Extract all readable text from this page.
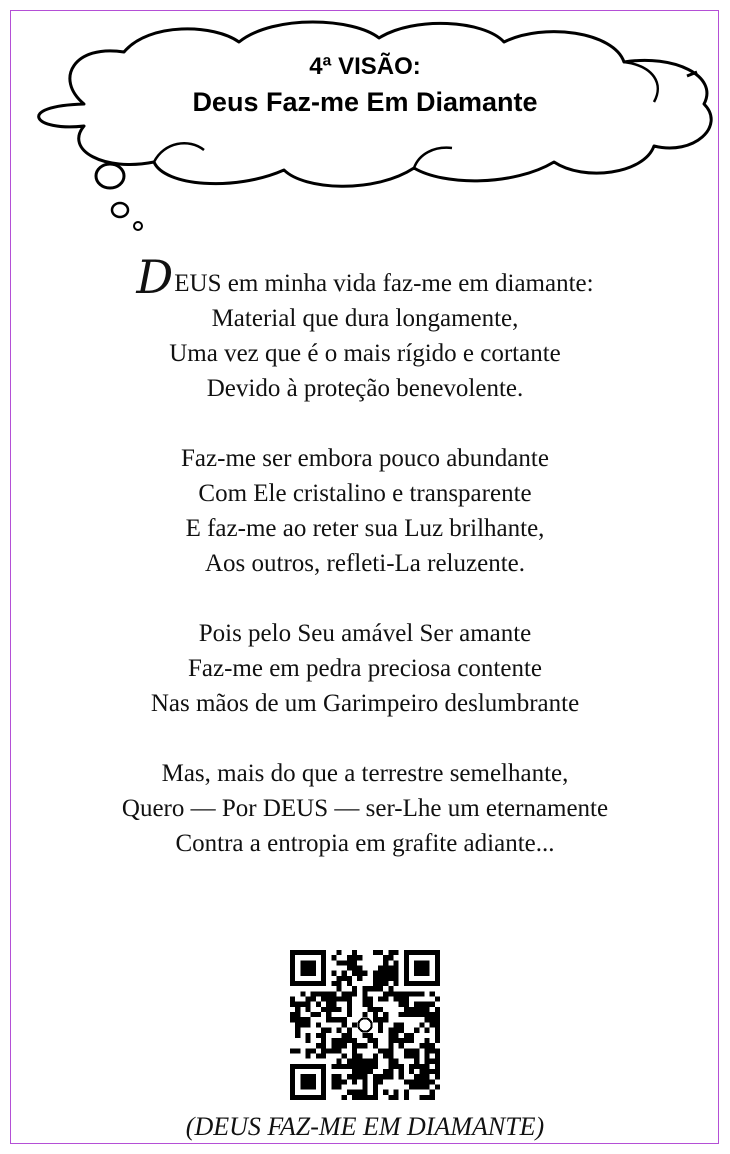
4ª VISÃO:
Deus Faz-me Em Diamante
DEUS em minha vida faz-me em diamante:
Material que dura longamente,
Uma vez que é o mais rígido e cortante
Devido à proteção benevolente.
Faz-me ser embora pouco abundante
Com Ele cristalino e transparente
E faz-me ao reter sua Luz brilhante,
Aos outros, refleti-La reluzente.
Pois pelo Seu amável Ser amante
Faz-me em pedra preciosa contente
Nas mãos de um Garimpeiro deslumbrante
Mas, mais do que a terrestre semelhante,
Quero — Por DEUS — ser-Lhe um eternamente
Contra a entropia em grafite adiante...
(DEUS FAZ-ME EM DIAMANTE)
